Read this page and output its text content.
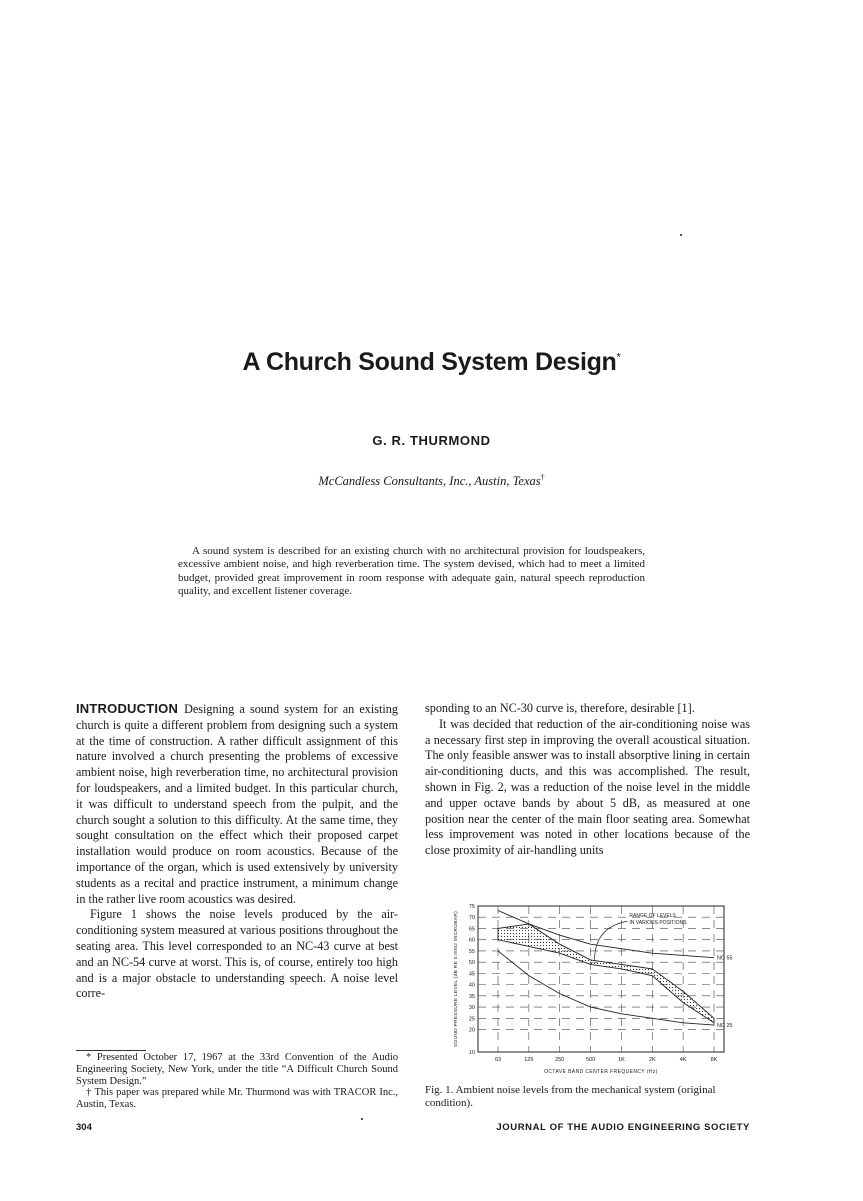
A Church Sound System Design*
G. R. THURMOND
McCandless Consultants, Inc., Austin, Texas†

A sound system is described for an existing church with no architectural provision for loudspeakers, excessive ambient noise, and high reverberation time. The system devised, which had to meet a limited budget, provided great improvement in room response with adequate gain, natural speech reproduction quality, and excellent listener coverage.

INTRODUCTION Designing a sound system for an existing church is quite a different problem from designing such a system at the time of construction. A rather difficult assignment of this nature involved a church presenting the problems of excessive ambient noise, high reverberation time, no architectural provision for loudspeakers, and a limited budget. In this particular church, it was difficult to understand speech from the pulpit, and the church sought a solution to this difficulty. At the same time, they sought consultation on the effect which their proposed carpet installation would produce on room acoustics. Because of the importance of the organ, which is used extensively by university students as a recital and practice instrument, a minimum change in the rather live room acoustics was desired.

Figure 1 shows the noise levels produced by the air-conditioning system measured at various positions throughout the seating area. This level corresponded to an NC-43 curve at best and an NC-54 curve at worst. This is, of course, entirely too high and is a major obstacle to understanding speech. A noise level corre-

* Presented October 17, 1967 at the 33rd Convention of the Audio Engineering Society, New York, under the title “A Difficult Church Sound System Design.”

† This paper was prepared while Mr. Thurmond was with TRACOR Inc., Austin, Texas.

sponding to an NC-30 curve is, therefore, desirable [1].

It was decided that reduction of the air-conditioning noise was a necessary first step in improving the overall acoustical situation. The only feasible answer was to install absorptive lining in certain air-conditioning ducts, and this was accomplished. The result, shown in Fig. 2, was a reduction of the noise level in the middle and upper octave bands by about 5 dB, as measured at one position near the center of the main floor seating area. Somewhat less improvement was noted in other locations because of the close proximity of air-handling units

10
20
25
30
35
40
45
50
55
60
65
70
75
63	125	250	500	1K	2K	4K	8K
OCTAVE BAND CENTER FREQUENCY (Hz)
SOUND PRESSURE LEVEL (dB RE 0.0002 MICROBAR)	NC 55
NC 25
RANGE OF LEVELS
IN VARIOUS POSITIONS
Fig. 1. Ambient noise levels from the mechanical system (original condition).
304	JOURNAL OF THE AUDIO ENGINEERING SOCIETY
